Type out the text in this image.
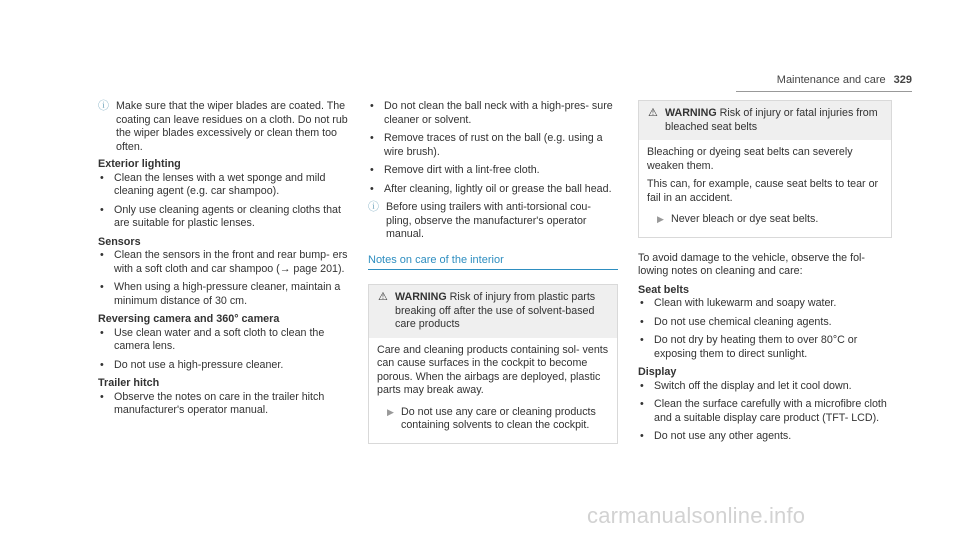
Maintenance and care 329
ⓘ Make sure that the wiper blades are coated. The coating can leave residues on a cloth. Do not rub the wiper blades excessively or clean them too often.
Exterior lighting
• Clean the lenses with a wet sponge and mild cleaning agent (e.g. car shampoo).
• Only use cleaning agents or cleaning cloths that are suitable for plastic lenses.
Sensors
• Clean the sensors in the front and rear bump- ers with a soft cloth and car shampoo (→ page 201).
• When using a high-pressure cleaner, maintain a minimum distance of 30 cm.
Reversing camera and 360° camera
• Use clean water and a soft cloth to clean the camera lens.
• Do not use a high-pressure cleaner.
Trailer hitch
• Observe the notes on care in the trailer hitch manufacturer's operator manual.
• Do not clean the ball neck with a high-pres- sure cleaner or solvent.
• Remove traces of rust on the ball (e.g. using a wire brush).
• Remove dirt with a lint-free cloth.
• After cleaning, lightly oil or grease the ball head.
ⓘ Before using trailers with anti-torsional cou- pling, observe the manufacturer's operator manual.
Notes on care of the interior
⚠ WARNING Risk of injury from plastic parts breaking off after the use of solvent-based care products

Care and cleaning products containing sol- vents can cause surfaces in the cockpit to become porous. When the airbags are deployed, plastic parts may break away.

▶ Do not use any care or cleaning products containing solvents to clean the cockpit.
⚠ WARNING Risk of injury or fatal injuries from bleached seat belts

Bleaching or dyeing seat belts can severely weaken them.

This can, for example, cause seat belts to tear or fail in an accident.

▶ Never bleach or dye seat belts.

To avoid damage to the vehicle, observe the fol- lowing notes on cleaning and care:

Seat belts
• Clean with lukewarm and soapy water.
• Do not use chemical cleaning agents.
• Do not dry by heating them to over 80°C or exposing them to direct sunlight.
Display
• Switch off the display and let it cool down.
• Clean the surface carefully with a microfibre cloth and a suitable display care product (TFT- LCD).
• Do not use any other agents.
carmanualsonline.info
